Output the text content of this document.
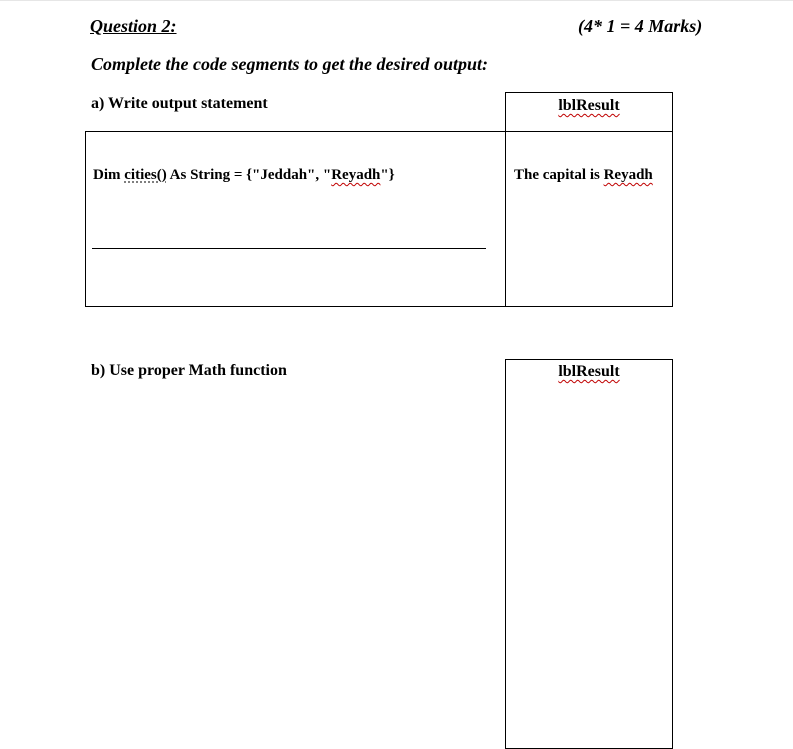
Question 2:	(4* 1 = 4 Marks)
Complete the code segments to get the desired output:
a) Write output statement	lblResult
Dim cities() As String = {"Jeddah", "Reyadh"}	The capital is Reyadh
b) Use proper Math function	lblResult
